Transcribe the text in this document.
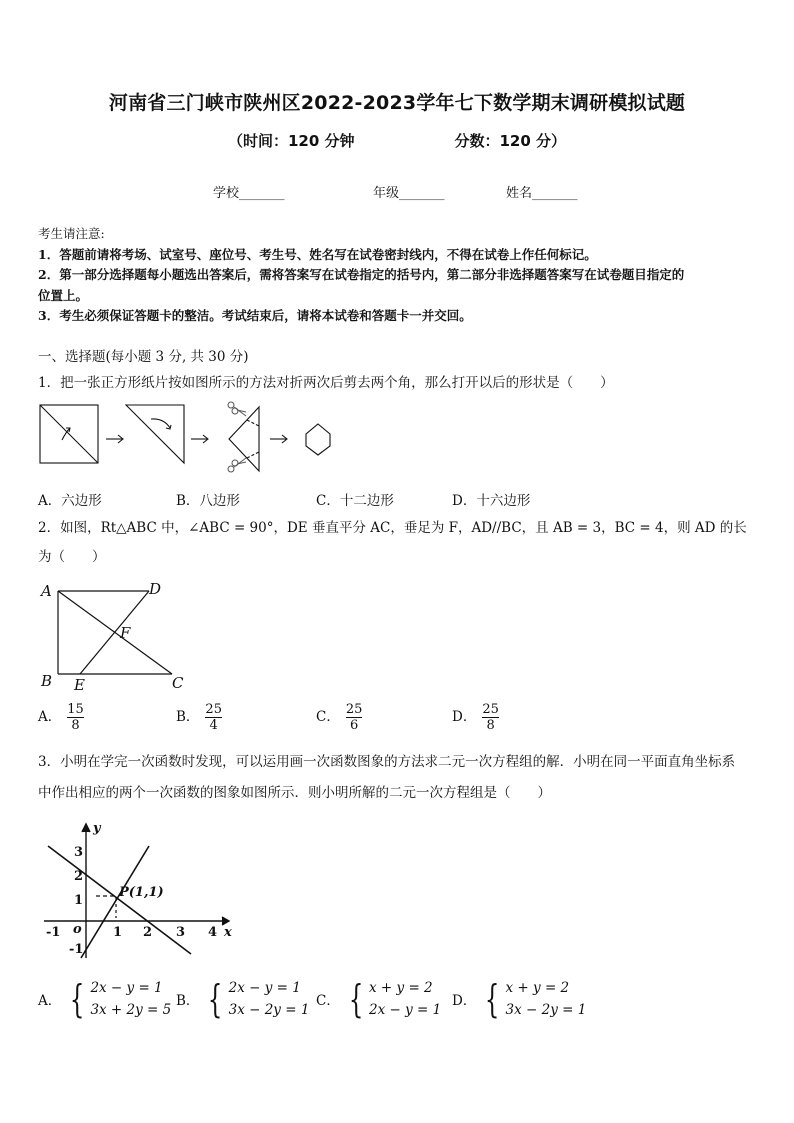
河南省三门峡市陕州区2022-2023学年七下数学期末调研模拟试题
（时间：120 分钟	分数：120 分）
学校_______	年级_______	姓名_______
考生请注意:
1．答题前请将考场、试室号、座位号、考生号、姓名写在试卷密封线内，不得在试卷上作任何标记。
2．第一部分选择题每小题选出答案后，需将答案写在试卷指定的括号内，第二部分非选择题答案写在试卷题目指定的
位置上。
3．考生必须保证答题卡的整洁。考试结束后，请将本试卷和答题卡一并交回。
一、选择题(每小题 3 分, 共 30 分)
1．把一张正方形纸片按如图所示的方法对折两次后剪去两个角，那么打开以后的形状是（　　）
A．六边形	B．八边形	C．十二边形	D．十六边形
2．如图，Rt△ABC 中，∠ABC = 90°，DE 垂直平分 AC，垂足为 F，AD//BC，且 AB = 3，BC = 4，则 AD 的长
为（　　）
A	D
F
B E	C
A． $\frac{15}{8}$	B． $\frac{25}{4}$	C． $\frac{25}{6}$	D． $\frac{25}{8}$
3．小明在学完一次函数时发现，可以运用画一次函数图象的方法求二元一次方程组的解．小明在同一平面直角坐标系
中作出相应的两个一次函数的图象如图所示．则小明所解的二元一次方程组是（　　）
y
x
o
P(1,1)
-1	1 2 3 4
3
2
1
-1
A． { 2x − y = 1
3x + 2y = 5
B． { 2x − y = 1
3x − 2y = 1
C． { x + y = 2
2x − y = 1
D． { x + y = 2
3x − 2y = 1
